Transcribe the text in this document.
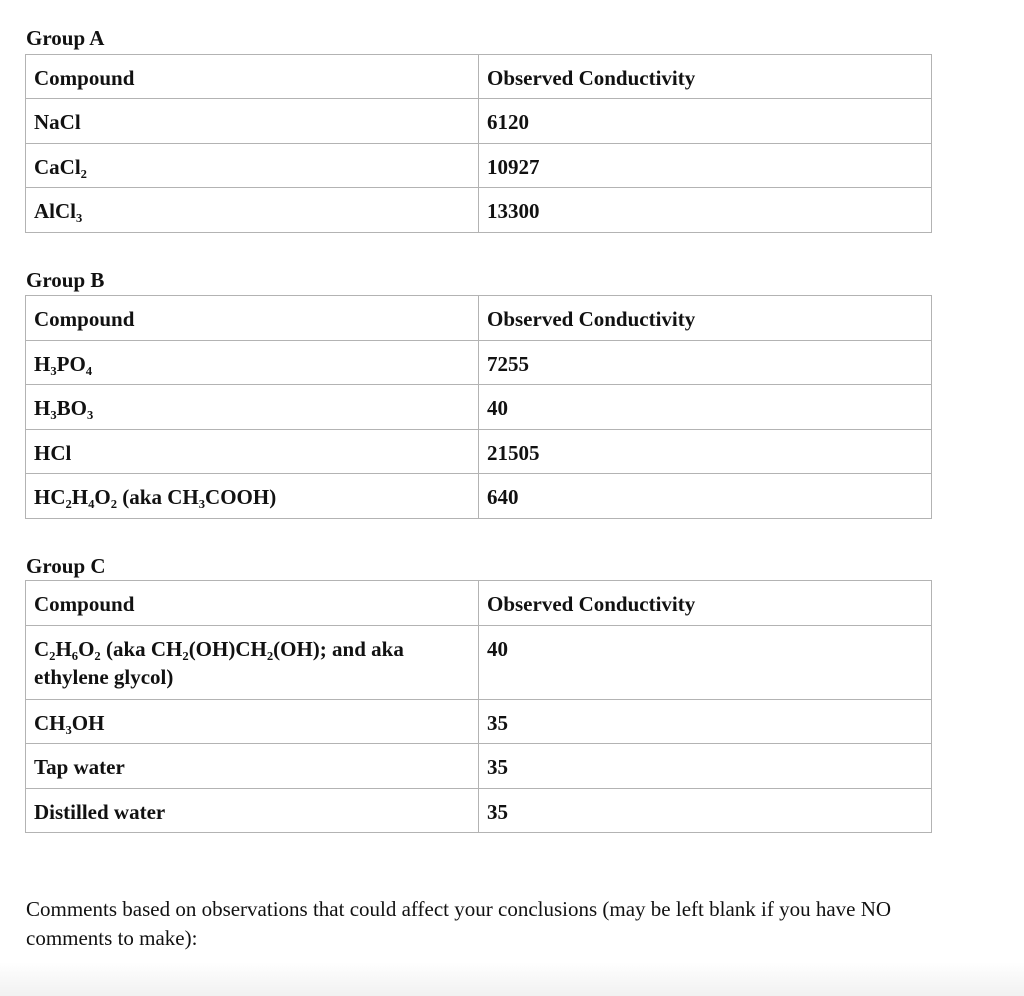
Group A
Compound	Observed Conductivity
NaCl	6120
CaCl₂	10927
AlCl₃	13300
Group B
Compound	Observed Conductivity
H₃PO₄	7255
H₃BO₃	40
HCl	21505
HC₂H₄O₂ (aka CH₃COOH)	640
Group C
Compound	Observed Conductivity
C₂H₆O₂ (aka CH₂(OH)CH₂(OH); and aka ethylene glycol)	40
CH₃OH	35
Tap water	35
Distilled water	35
Comments based on observations that could affect your conclusions (may be left blank if you have NO comments to make):
